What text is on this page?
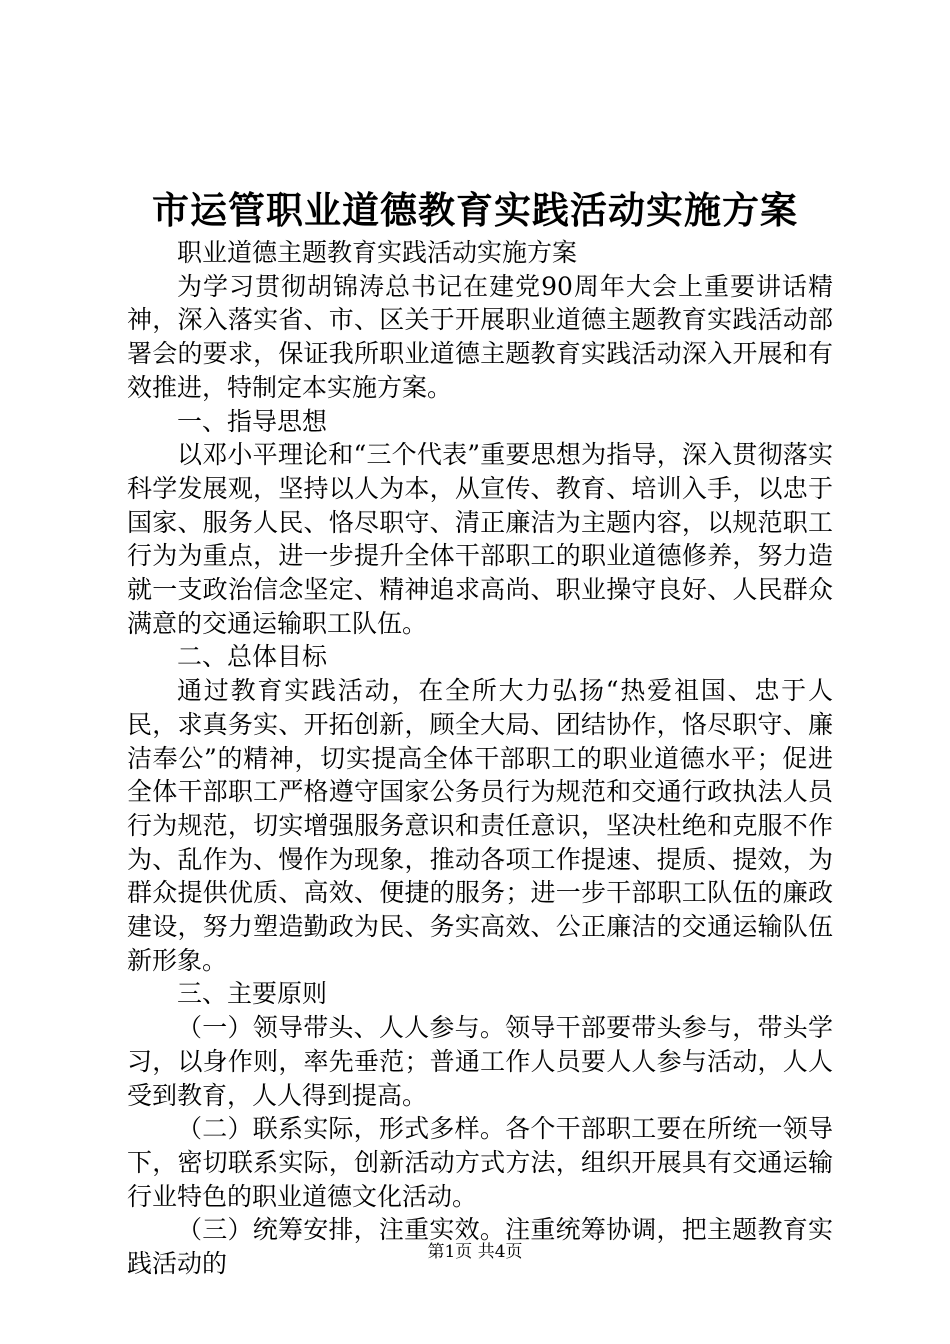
市运管职业道德教育实践活动实施方案

职业道德主题教育实践活动实施方案

为学习贯彻胡锦涛总书记在建党90周年大会上重要讲话精神，深入落实省、市、区关于开展职业道德主题教育实践活动部署会的要求，保证我所职业道德主题教育实践活动深入开展和有效推进，特制定本实施方案。

一、指导思想

以邓小平理论和“三个代表”重要思想为指导，深入贯彻落实科学发展观，坚持以人为本，从宣传、教育、培训入手，以忠于国家、服务人民、恪尽职守、清正廉洁为主题内容，以规范职工行为为重点，进一步提升全体干部职工的职业道德修养，努力造就一支政治信念坚定、精神追求高尚、职业操守良好、人民群众满意的交通运输职工队伍。

二、总体目标

通过教育实践活动，在全所大力弘扬“热爱祖国、忠于人民，求真务实、开拓创新，顾全大局、团结协作，恪尽职守、廉洁奉公”的精神，切实提高全体干部职工的职业道德水平；促进全体干部职工严格遵守国家公务员行为规范和交通行政执法人员行为规范，切实增强服务意识和责任意识，坚决杜绝和克服不作为、乱作为、慢作为现象，推动各项工作提速、提质、提效，为群众提供优质、高效、便捷的服务；进一步干部职工队伍的廉政建设，努力塑造勤政为民、务实高效、公正廉洁的交通运输队伍新形象。

三、主要原则

（一）领导带头、人人参与。领导干部要带头参与，带头学习，以身作则，率先垂范；普通工作人员要人人参与活动，人人受到教育，人人得到提高。

（二）联系实际，形式多样。各个干部职工要在所统一领导下，密切联系实际，创新活动方式方法，组织开展具有交通运输行业特色的职业道德文化活动。

（三）统筹安排，注重实效。注重统筹协调，把主题教育实践活动的	第1页 共4页
